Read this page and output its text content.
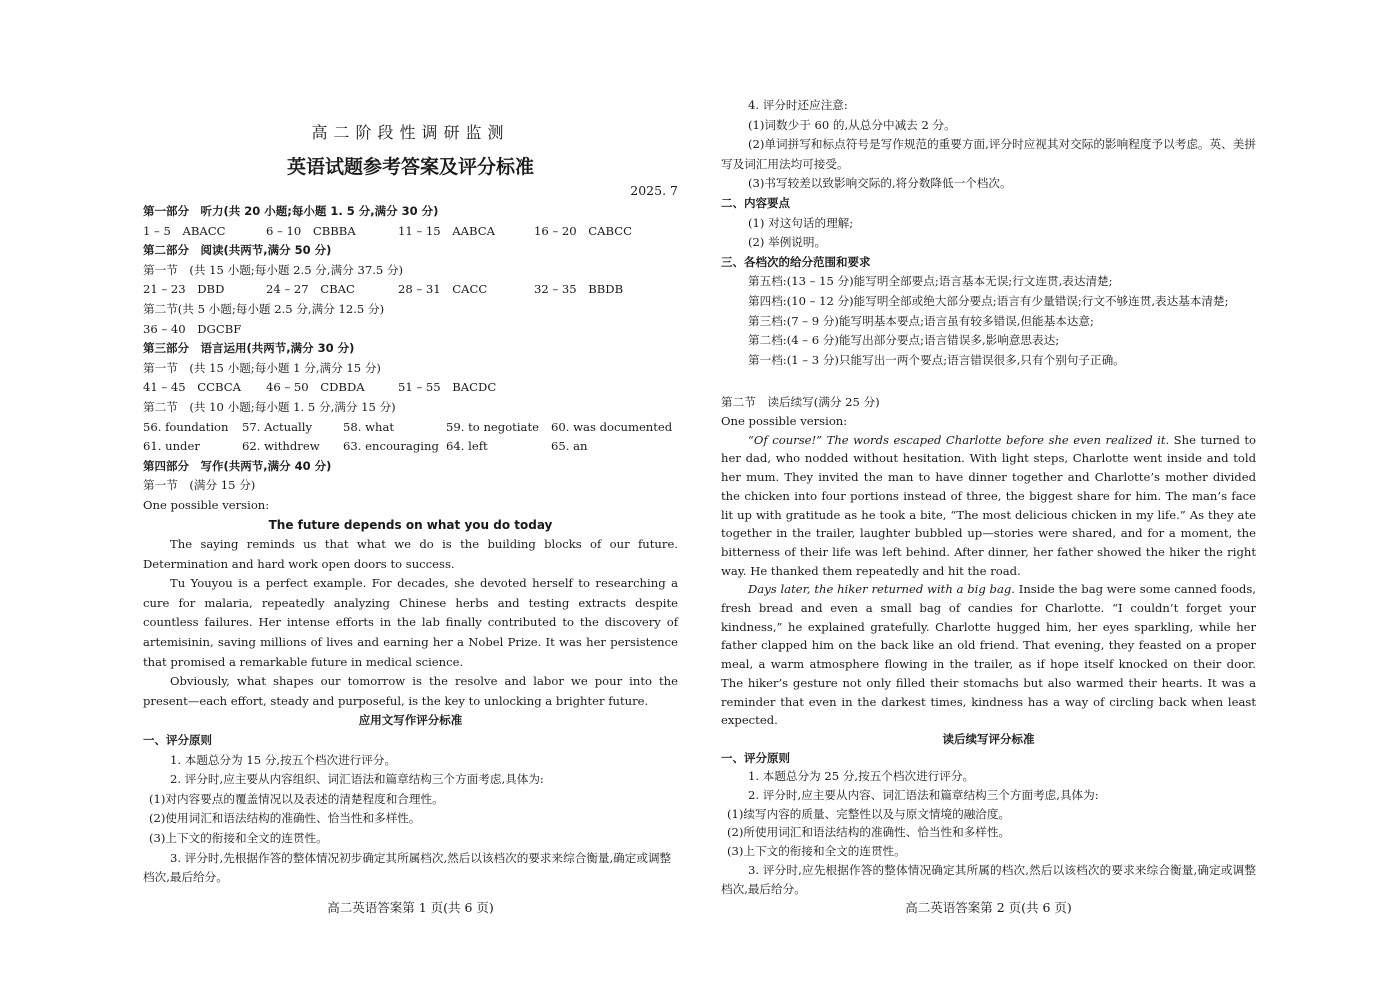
高二阶段性调研监测
英语试题参考答案及评分标准
2025. 7

第一部分　听力(共 20 小题;每小题 1. 5 分,满分 30 分)

1 – 5　ABACC	6 – 10　CBBBA	11 – 15　AABCA	16 – 20　CABCC

第二部分　阅读(共两节,满分 50 分)

第一节　(共 15 小题;每小题 2.5 分,满分 37.5 分)

21 – 23　DBD	24 – 27　CBAC	28 – 31　CACC	32 – 35　BBDB

第二节(共 5 小题;每小题 2.5 分,满分 12.5 分)

36 – 40　DGCBF

第三部分　语言运用(共两节,满分 30 分)

第一节　(共 15 小题;每小题 1 分,满分 15 分)

41 – 45　CCBCA	46 – 50　CDBDA	51 – 55　BACDC

第二节　(共 10 小题;每小题 1. 5 分,满分 15 分)

56. foundation	57. Actually	58. what	59. to negotiate	60. was documented
61. under	62. withdrew	63. encouraging 64. left	65. an

第四部分　写作(共两节,满分 40 分)

第一节　(满分 15 分)

One possible version:

The future depends on what you do today

The saying reminds us that what we do is the building blocks of our future. Determination and hard work open doors to success.

Tu Youyou is a perfect example. For decades, she devoted herself to researching a cure for malaria, repeatedly analyzing Chinese herbs and testing extracts despite countless failures. Her intense efforts in the lab finally contributed to the discovery of artemisinin, saving millions of lives and earning her a Nobel Prize. It was her persistence that promised a remarkable future in medical science.

Obviously, what shapes our tomorrow is the resolve and labor we pour into the present—each effort, steady and purposeful, is the key to unlocking a brighter future.

应用文写作评分标准

一、评分原则

1. 本题总分为 15 分,按五个档次进行评分。

2. 评分时,应主要从内容组织、词汇语法和篇章结构三个方面考虑,具体为:

(1)对内容要点的覆盖情况以及表述的清楚程度和合理性。

(2)使用词汇和语法结构的准确性、恰当性和多样性。

(3)上下文的衔接和全文的连贯性。

3. 评分时,先根据作答的整体情况初步确定其所属档次,然后以该档次的要求来综合衡量,确定或调整档次,最后给分。

高二英语答案第 1 页(共 6 页)

4. 评分时还应注意:

(1)词数少于 60 的,从总分中减去 2 分。

(2)单词拼写和标点符号是写作规范的重要方面,评分时应视其对交际的影响程度予以考虑。英、美拼写及词汇用法均可接受。

(3)书写较差以致影响交际的,将分数降低一个档次。

二、内容要点

(1) 对这句话的理解;

(2) 举例说明。

三、各档次的给分范围和要求

第五档:(13 – 15 分)能写明全部要点;语言基本无误;行文连贯,表达清楚;

第四档:(10 – 12 分)能写明全部或绝大部分要点;语言有少量错误;行文不够连贯,表达基本清楚;

第三档:(7 – 9 分)能写明基本要点;语言虽有较多错误,但能基本达意;

第二档:(4 – 6 分)能写出部分要点;语言错误多,影响意思表达;

第一档:(1 – 3 分)只能写出一两个要点;语言错误很多,只有个别句子正确。

第二节　读后续写(满分 25 分)

One possible version:

“Of course!” The words escaped Charlotte before she even realized it. She turned to her dad, who nodded without hesitation. With light steps, Charlotte went inside and told her mum. They invited the man to have dinner together and Charlotte’s mother divided the chicken into four portions instead of three, the biggest share for him. The man’s face lit up with gratitude as he took a bite, “The most delicious chicken in my life.” As they ate together in the trailer, laughter bubbled up—stories were shared, and for a moment, the bitterness of their life was left behind. After dinner, her father showed the hiker the right way. He thanked them repeatedly and hit the road.

Days later, the hiker returned with a big bag. Inside the bag were some canned foods, fresh bread and even a small bag of candies for Charlotte. “I couldn’t forget your kindness,” he explained gratefully. Charlotte hugged him, her eyes sparkling, while her father clapped him on the back like an old friend. That evening, they feasted on a proper meal, a warm atmosphere flowing in the trailer, as if hope itself knocked on their door. The hiker’s gesture not only filled their stomachs but also warmed their hearts. It was a reminder that even in the darkest times, kindness has a way of circling back when least expected.

读后续写评分标准

一、评分原则

1. 本题总分为 25 分,按五个档次进行评分。

2. 评分时,应主要从内容、词汇语法和篇章结构三个方面考虑,具体为:

(1)续写内容的质量、完整性以及与原文情境的融洽度。

(2)所使用词汇和语法结构的准确性、恰当性和多样性。

(3)上下文的衔接和全文的连贯性。

3. 评分时,应先根据作答的整体情况确定其所属的档次,然后以该档次的要求来综合衡量,确定或调整档次,最后给分。

高二英语答案第 2 页(共 6 页)
